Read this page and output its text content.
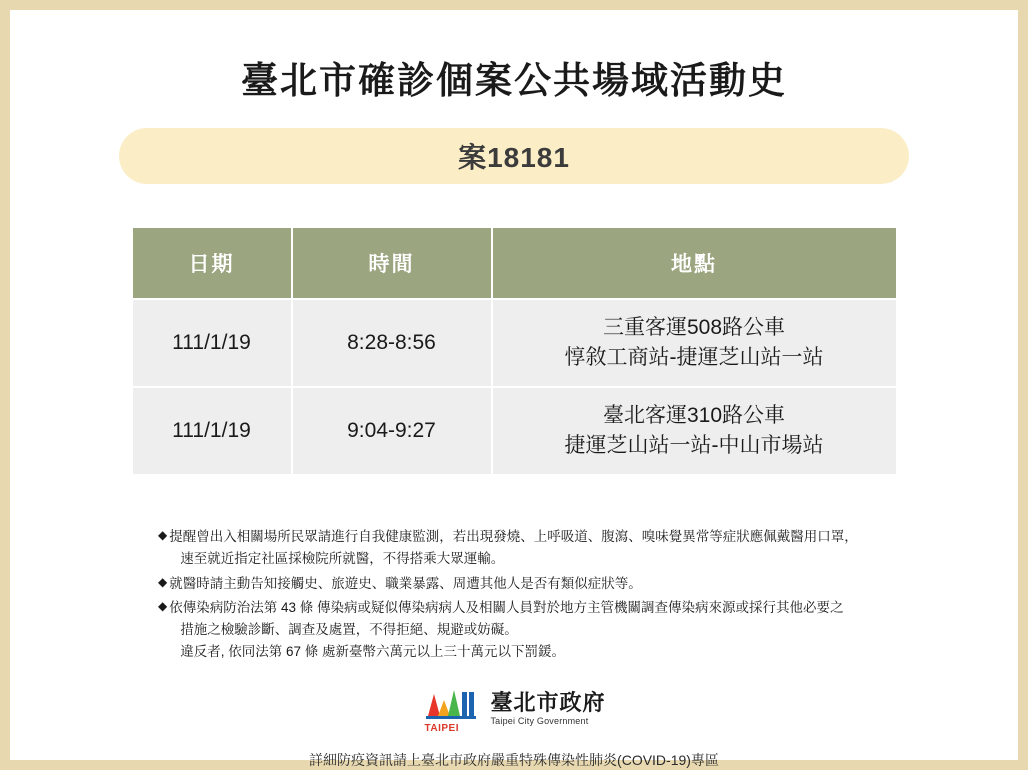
臺北市確診個案公共場域活動史
案18181
日期	時間	地點
111/1/19	8:28-8:56	三重客運508路公車
惇敘工商站-捷運芝山站一站

111/1/19	9:04-9:27	臺北客運310路公車
捷運芝山站一站-中山市場站
◆ 提醒曾出入相關場所民眾請進行自我健康監測，若出現發燒、上呼吸道、腹瀉、嗅味覺異常等症狀應佩戴醫用口罩，
速至就近指定社區採檢院所就醫，不得搭乘大眾運輸。
◆ 就醫時請主動告知接觸史、旅遊史、職業暴露、周遭其他人是否有類似症狀等。
◆ 依傳染病防治法第 43 條 傳染病或疑似傳染病病人及相關人員對於地方主管機關調查傳染病來源或採行其他必要之
措施之檢驗診斷、調查及處置，不得拒絕、規避或妨礙。
違反者, 依同法第 67 條 處新臺幣六萬元以上三十萬元以下罰鍰。
TAIPEI
臺北市政府
Taipei City Government
詳細防疫資訊請上臺北市政府嚴重特殊傳染性肺炎(COVID-19)專區
